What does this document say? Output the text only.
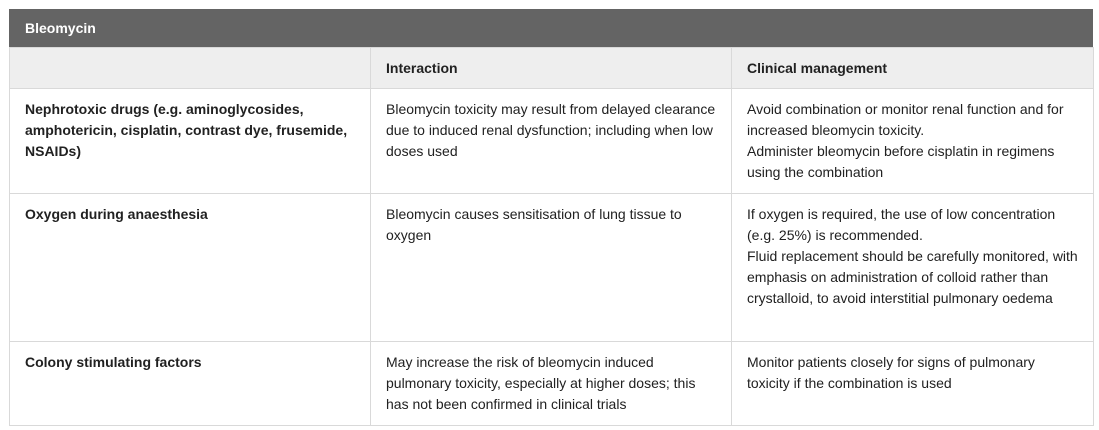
Bleomycin
	Interaction	Clinical management
Nephrotoxic drugs (e.g. aminoglycosides, amphotericin, cisplatin, contrast dye, frusemide, NSAIDs)	Bleomycin toxicity may result from delayed clearance due to induced renal dysfunction; including when low doses used	Avoid combination or monitor renal function and for increased bleomycin toxicity.
Administer bleomycin before cisplatin in regimens using the combination

Oxygen during anaesthesia	Bleomycin causes sensitisation of lung tissue to oxygen	If oxygen is required, the use of low concentration (e.g. 25%) is recommended.
Fluid replacement should be carefully monitored, with emphasis on administration of colloid rather than crystalloid, to avoid interstitial pulmonary oedema

Colony stimulating factors	May increase the risk of bleomycin induced pulmonary toxicity, especially at higher doses; this has not been confirmed in clinical trials	Monitor patients closely for signs of pulmonary toxicity if the combination is used
